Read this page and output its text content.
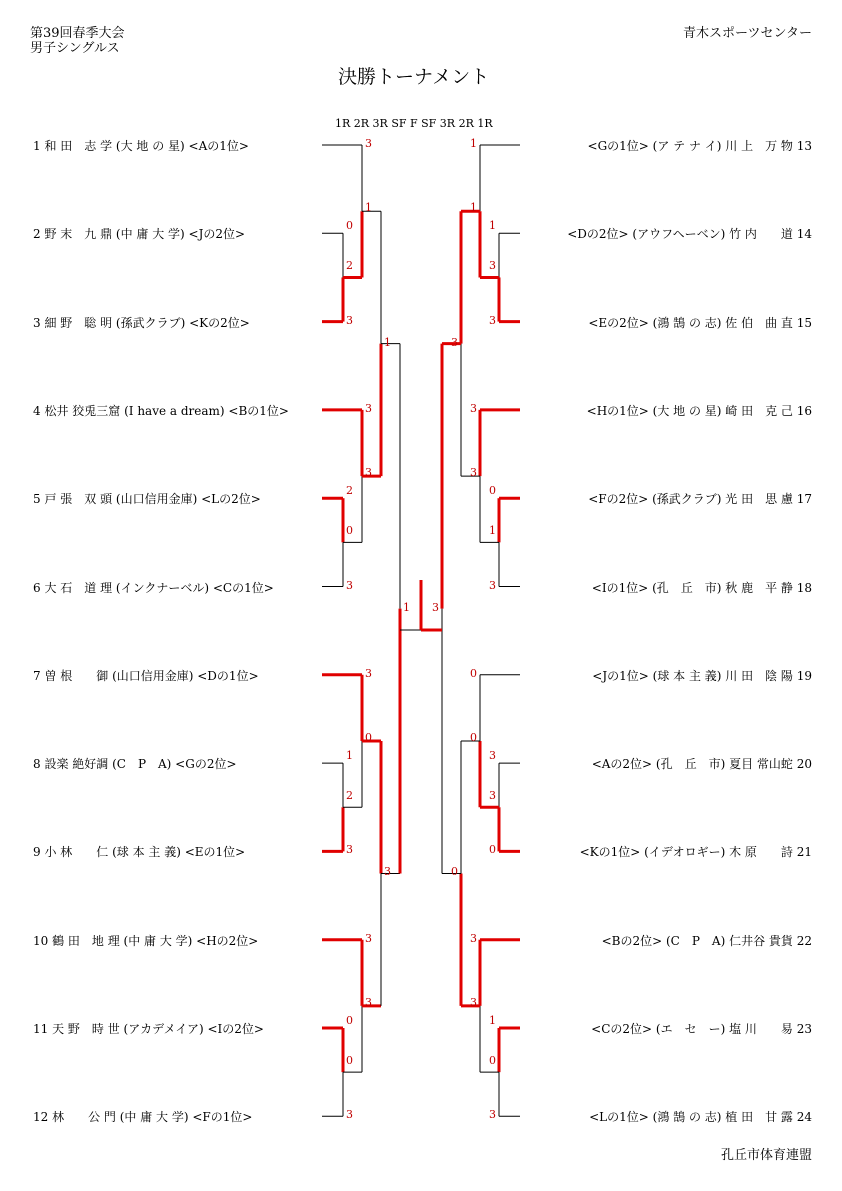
第39回春季大会
男子シングルス
青木スポーツセンター
決勝トーナメント
1R 2R 3R SF F SF 3R 2R 1R
孔丘市体育連盟
1 和 田　志 学 (大 地 の 星) <Aの1位>
2 野 末　九 鼎 (中 庸 大 学) <Jの2位>
3 細 野　聡 明 (孫武クラブ) <Kの2位>
4 松井 狡兎三窟 (I have a dream) <Bの1位>
5 戸 張　双 頭 (山口信用金庫) <Lの2位>
6 大 石　道 理 (インクナーベル) <Cの1位>
7 曽 根　　御 (山口信用金庫) <Dの1位>
8 設楽 絶好調 (C　P　A) <Gの2位>
9 小 林　　仁 (球 本 主 義) <Eの1位>
10 鶴 田　地 理 (中 庸 大 学) <Hの2位>
11 天 野　時 世 (アカデメイア) <Iの2位>
12 林　　公 門 (中 庸 大 学) <Fの1位>
<Gの1位> (ア テ ナ イ) 川 上　万 物 13
<Dの2位> (アウフヘーベン) 竹 内　　道 14
<Eの2位> (鴻 鵠 の 志) 佐 伯　曲 直 15
<Hの1位> (大 地 の 星) 崎 田　克 己 16
<Fの2位> (孫武クラブ) 光 田　思 慮 17
<Iの1位> (孔　丘　市) 秋 鹿　平 静 18
<Jの1位> (球 本 主 義) 川 田　陰 陽 19
<Aの2位> (孔　丘　市) 夏目 常山蛇 20
<Kの1位> (イデオロギー) 木 原　　詩 21
<Bの2位> (C　P　A) 仁井谷 貴貨 22
<Cの2位> (エ　セ　ー) 塩 川　　易 23
<Lの1位> (鴻 鵠 の 志) 植 田　甘 露 24
3
0
3
2
1
3
2
3
0
3
3
1
3
2
0
3
0
3
0
3
1
3
1
1
1
3
3
1
3
0
3
1
3
0
3
0
3
0
3
1
3
0
3
3
0
3
